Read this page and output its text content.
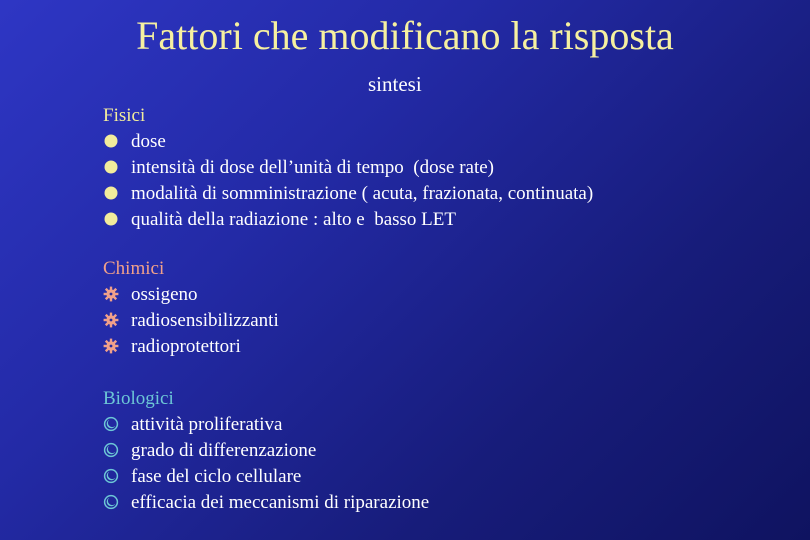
Fattori che modificano la risposta
sintesi
Fisici
dose
intensità di dose dell’unità di tempo  (dose rate)
modalità di somministrazione ( acuta, frazionata, continuata)
qualità della radiazione : alto e  basso LET
Chimici
ossigeno
radiosensibilizzanti
radioprotettori
Biologici
attività proliferativa
grado di differenzazione
fase del ciclo cellulare
efficacia dei meccanismi di riparazione
